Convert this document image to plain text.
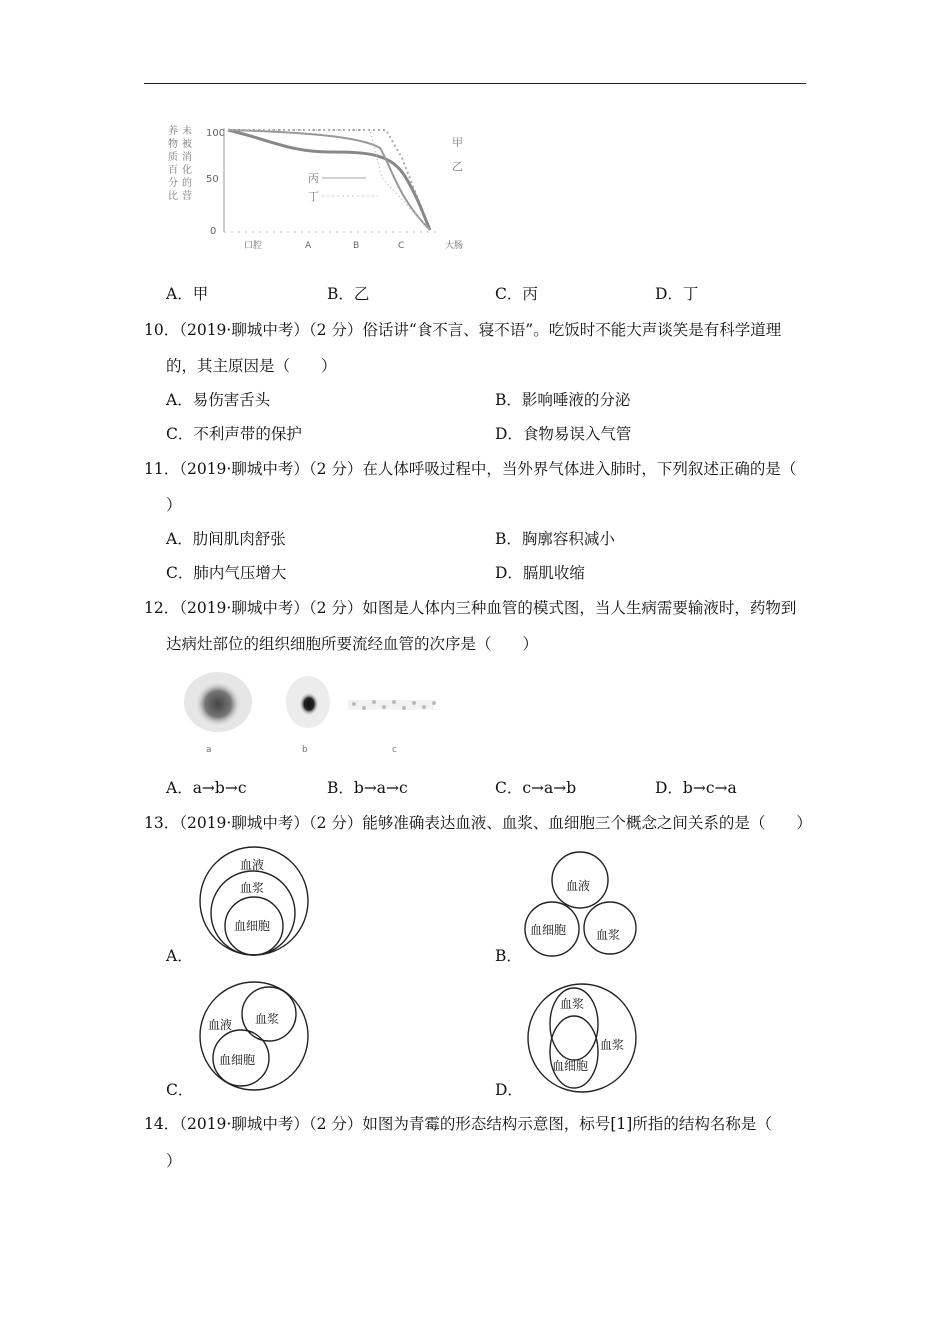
未
被
消
化
的
营
养
物
质
百
分
比
100
50
0
口腔	A	B	C	大肠
甲
乙
丙
丁
A．甲	B．乙	C．丙	D．丁
10．（2019·聊城中考）（2 分）俗话讲“食不言、寝不语”。吃饭时不能大声谈笑是有科学道理
的，其主原因是（　　）
A．易伤害舌头	B．影响唾液的分泌
C．不利声带的保护	D．食物易误入气管
11．（2019·聊城中考）（2 分）在人体呼吸过程中，当外界气体进入肺时，下列叙述正确的是（
）
A．肋间肌肉舒张	B．胸廓容积减小
C．肺内气压增大	D．膈肌收缩
12．（2019·聊城中考）（2 分）如图是人体内三种血管的模式图，当人生病需要输液时，药物到
达病灶部位的组织细胞所要流经血管的次序是（　　）
a	b	c
A．a→b→c	B．b→a→c	C．c→a→b	D．b→c→a
13．（2019·聊城中考）（2 分）能够准确表达血液、血浆、血细胞三个概念之间关系的是（　　）
血液
血浆
血细胞
A．
血液
血细胞 血浆
B．
血液 血浆
血细胞
C．
血浆
血浆
血细胞
D．
14．（2019·聊城中考）（2 分）如图为青霉的形态结构示意图，标号[1]所指的结构名称是（
）
